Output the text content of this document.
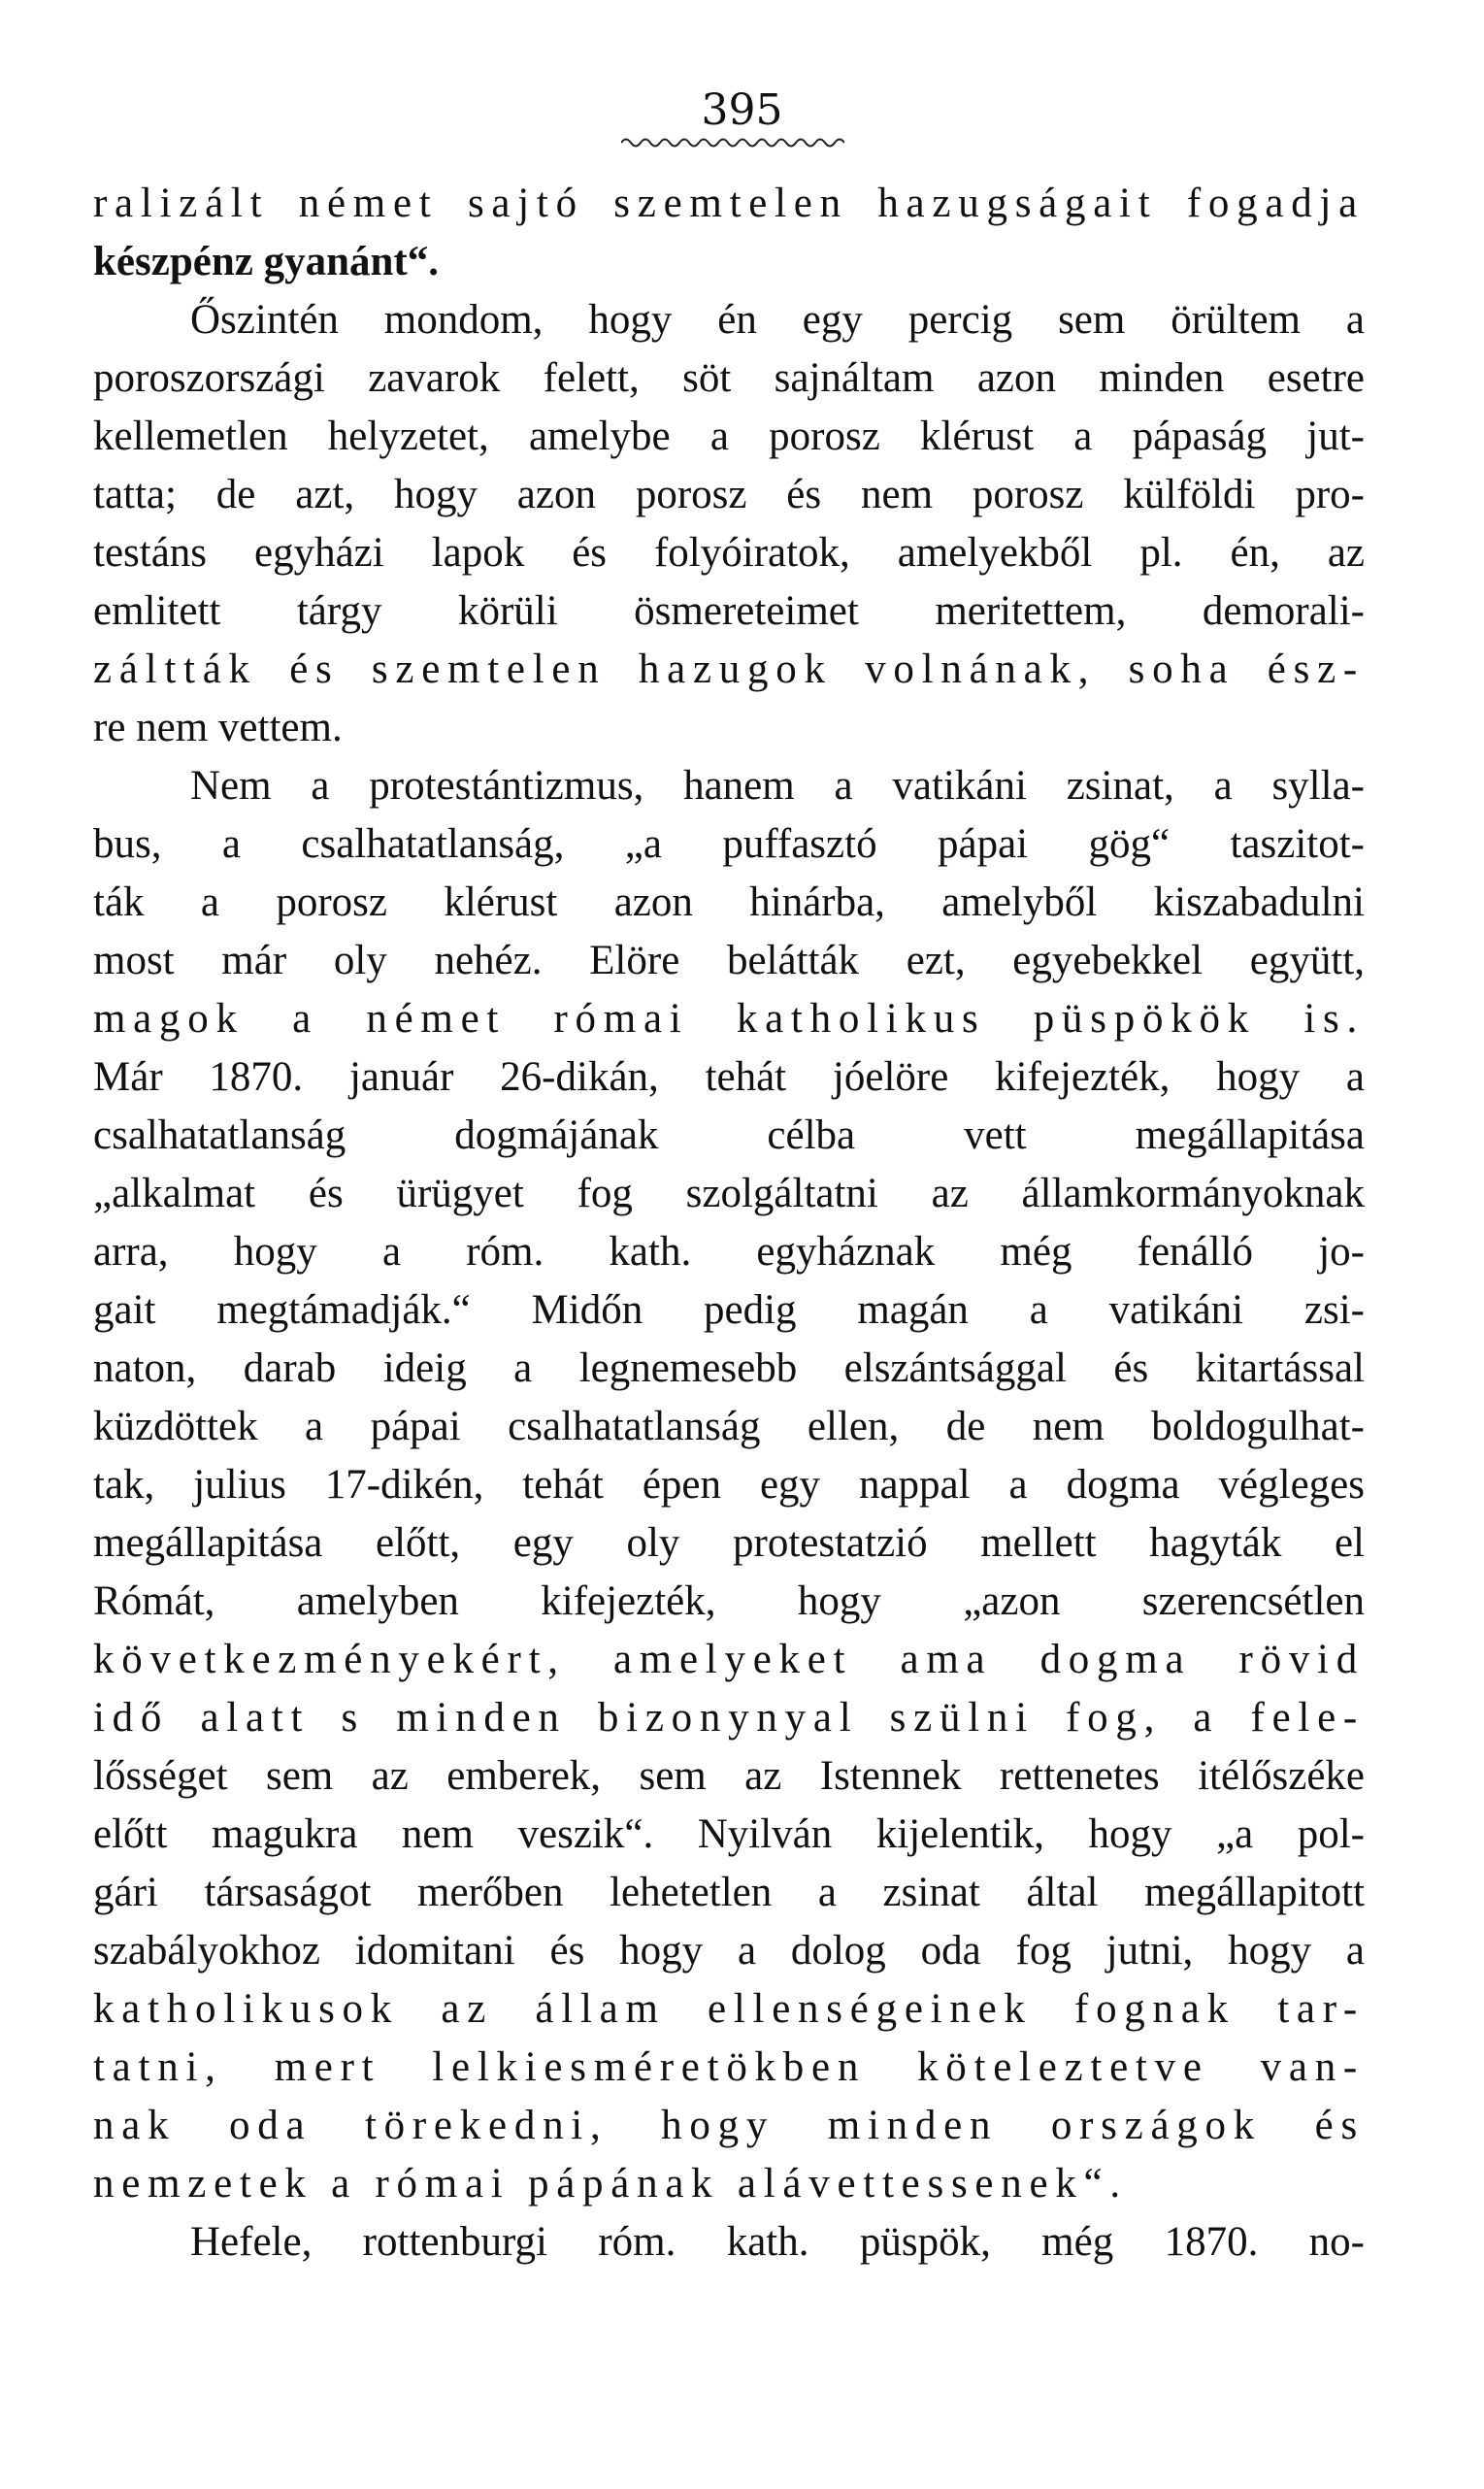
395
ralizált német sajtó szemtelen hazugságait fogadja
készpénz gyanánt“.
Őszintén mondom, hogy én egy percig sem örültem a
poroszországi zavarok felett, söt sajnáltam azon minden esetre
kellemetlen helyzetet, amelybe a porosz klérust a pápaság jut-
tatta; de azt, hogy azon porosz és nem porosz külföldi pro-
testáns egyházi lapok és folyóiratok, amelyekből pl. én, az
emlitett tárgy körüli ösmereteimet meritettem, demorali-
záltták és szemtelen hazugok volnának, soha ész-
re nem vettem.
Nem a protestántizmus, hanem a vatikáni zsinat, a sylla-
bus, a csalhatatlanság, „a puffasztó pápai gög“ taszitot-
ták a porosz klérust azon hinárba, amelyből kiszabadulni
most már oly nehéz. Elöre belátták ezt, egyebekkel együtt,
magok a német római katholikus püspökök is.
Már 1870. január 26-dikán, tehát jóelöre kifejezték, hogy a
csalhatatlanság dogmájának célba vett megállapitása
„alkalmat és ürügyet fog szolgáltatni az államkormányoknak
arra, hogy a róm. kath. egyháznak még fenálló jo-
gait megtámadják.“ Midőn pedig magán a vatikáni zsi-
naton, darab ideig a legnemesebb elszántsággal és kitartással
küzdöttek a pápai csalhatatlanság ellen, de nem boldogulhat-
tak, julius 17-dikén, tehát épen egy nappal a dogma végleges
megállapitása előtt, egy oly protestatzió mellett hagyták el
Rómát, amelyben kifejezték, hogy „azon szerencsétlen
következményekért, amelyeket ama dogma rövid
idő alatt s minden bizonynyal szülni fog, a fele-
lősséget sem az emberek, sem az Istennek rettenetes itélőszéke
előtt magukra nem veszik“. Nyilván kijelentik, hogy „a pol-
gári társaságot merőben lehetetlen a zsinat által megállapitott
szabályokhoz idomitani és hogy a dolog oda fog jutni, hogy a
katholikusok az állam ellenségeinek fognak tar-
tatni, mert lelkiesméretökben köteleztetve van-
nak oda törekedni, hogy minden országok és
nemzetek a római pápának alávettessenek“.
Hefele, rottenburgi róm. kath. püspök, még 1870. no-
